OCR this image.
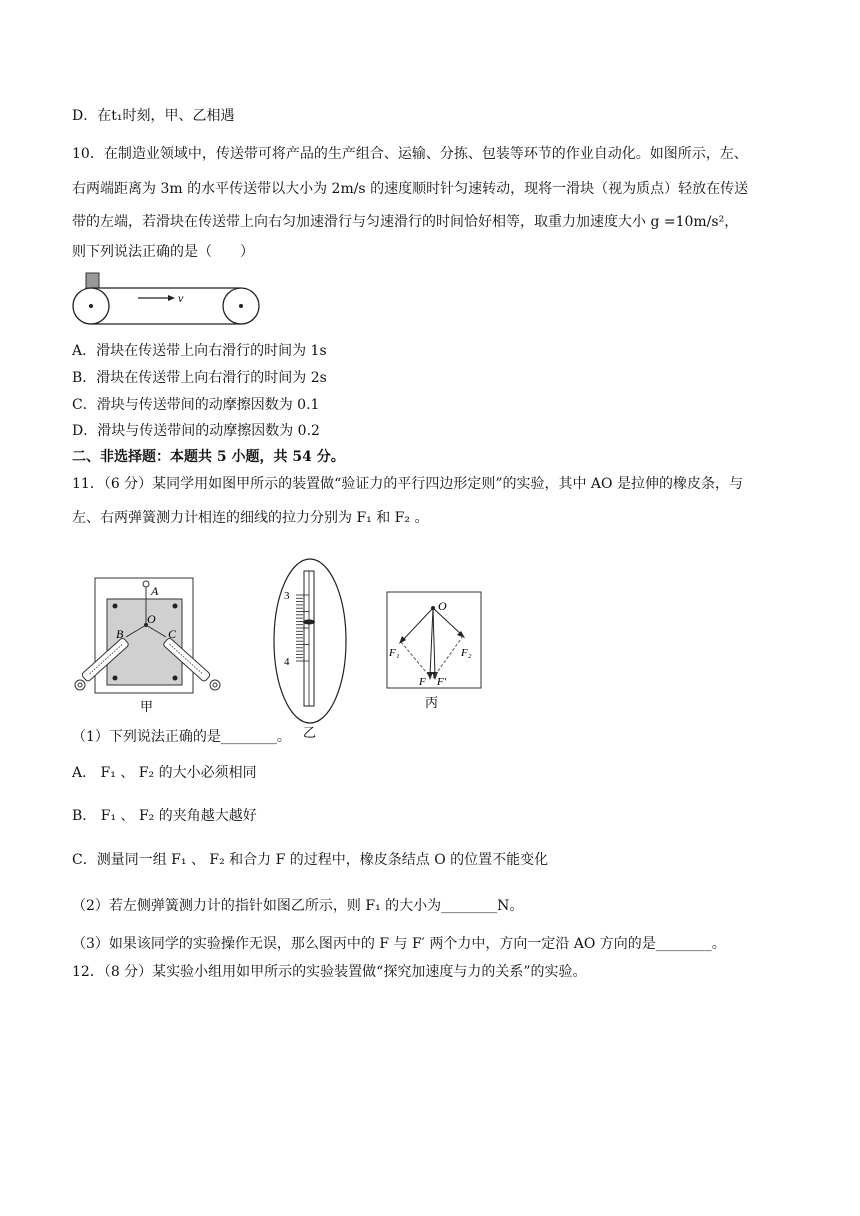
D．在t₁时刻，甲、乙相遇
10．在制造业领域中，传送带可将产品的生产组合、运输、分拣、包装等环节的作业自动化。如图所示，左、
右两端距离为 3m 的水平传送带以大小为 2m/s 的速度顺时针匀速转动，现将一滑块（视为质点）轻放在传送
带的左端，若滑块在传送带上向右匀加速滑行与匀速滑行的时间恰好相等，取重力加速度大小 g =10m/s²，
则下列说法正确的是（　　）
v
A．滑块在传送带上向右滑行的时间为 1s
B．滑块在传送带上向右滑行的时间为 2s
C．滑块与传送带间的动摩擦因数为 0.1
D．滑块与传送带间的动摩擦因数为 0.2
二、非选择题：本题共 5 小题，共 54 分。
11．（6 分）某同学用如图甲所示的装置做“验证力的平行四边形定则”的实验，其中 AO 是拉伸的橡皮条，与
左、右两弹簧测力计相连的细线的拉力分别为 F₁ 和 F₂ 。
A
O
B	C
甲
3
4
乙
O
F₁	F₂
F F′
丙
（1）下列说法正确的是________。
A． F₁ 、 F₂ 的大小必须相同
B． F₁ 、 F₂ 的夹角越大越好
C．测量同一组 F₁ 、 F₂ 和合力 F 的过程中，橡皮条结点 O 的位置不能变化
（2）若左侧弹簧测力计的指针如图乙所示，则 F₁ 的大小为________N。
（3）如果该同学的实验操作无误，那么图丙中的 F 与 F′ 两个力中，方向一定沿 AO 方向的是________。
12．（8 分）某实验小组用如甲所示的实验装置做“探究加速度与力的关系”的实验。
